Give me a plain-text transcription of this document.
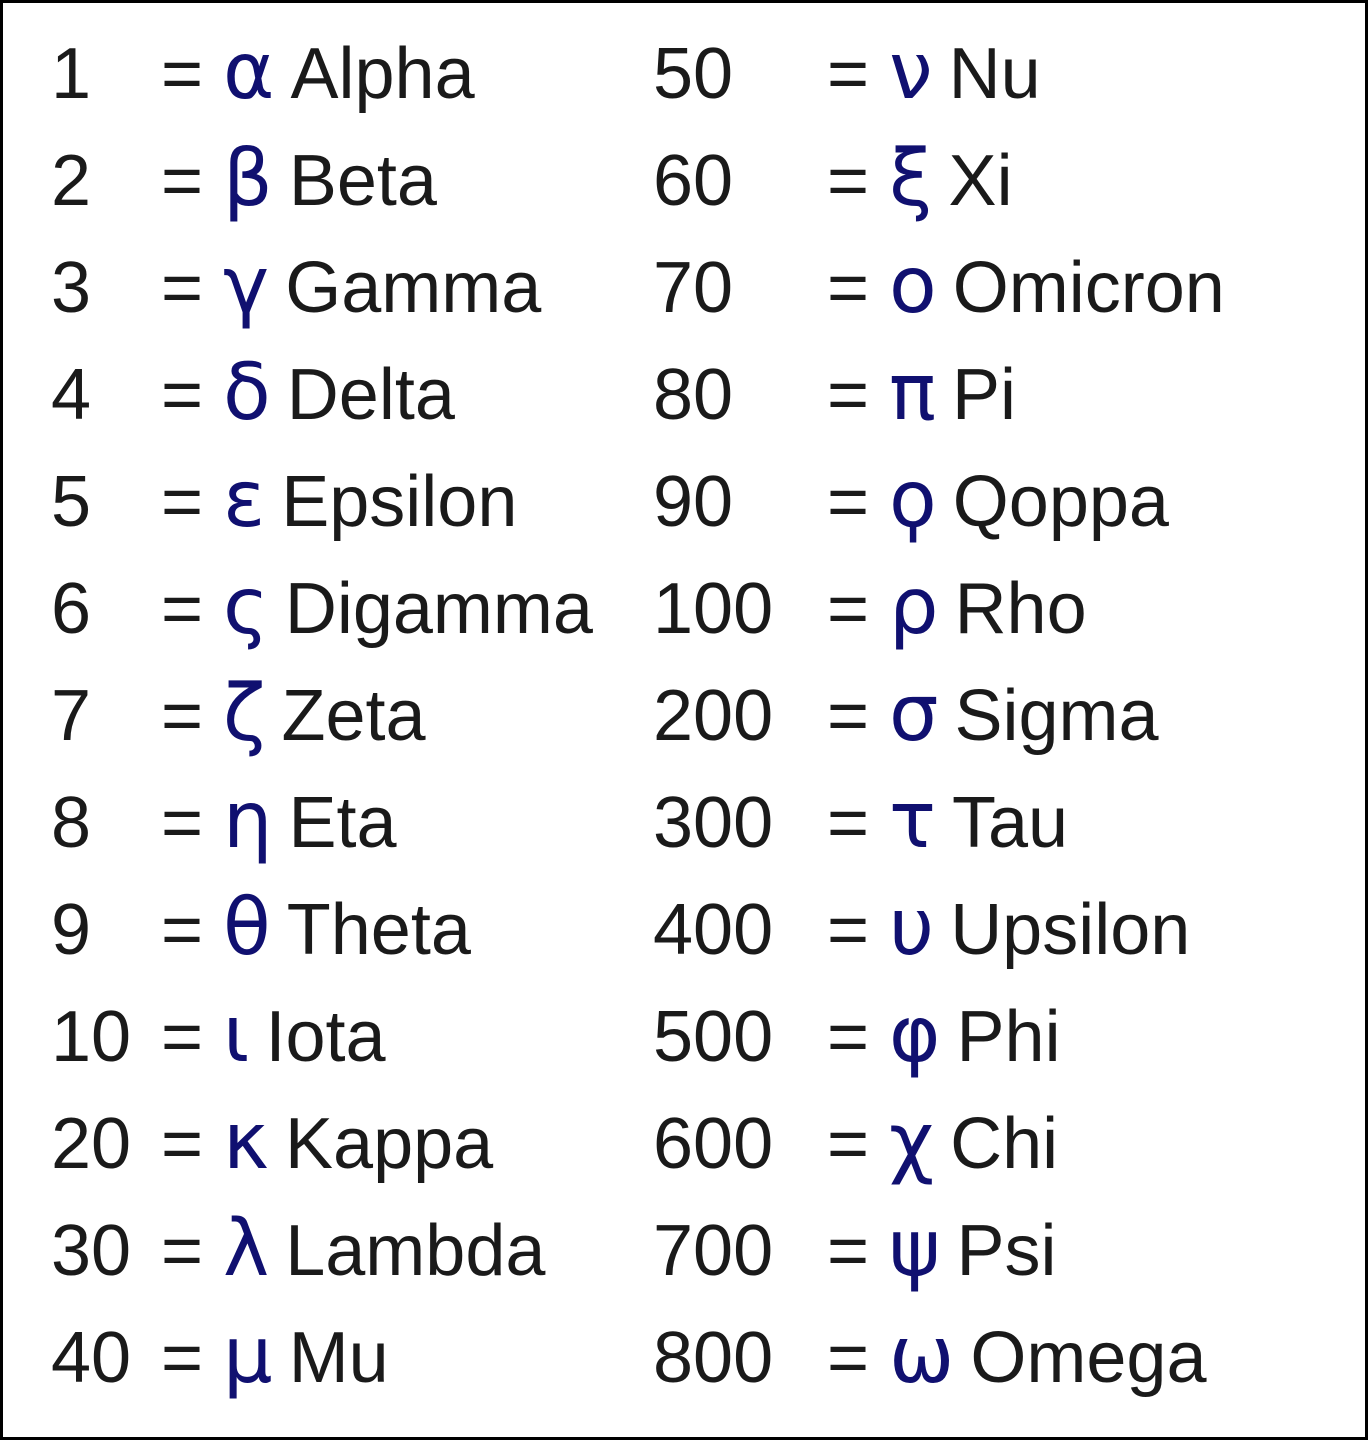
1 = α Alpha
2 = β Beta
3 = γ Gamma
4 = δ Delta
5 = ε Epsilon
6 = ς Digamma
7 = ζ Zeta
8 = η Eta
9 = θ Theta
10 = ι Iota
20 = κ Kappa
30 = λ Lambda
40 = μ Mu
50	= ν Nu
60	= ξ Xi
70	= ο Omicron
80	= π Pi
90	= ϙ Qoppa
100 = ρ Rho
200 = σ Sigma
300 = τ Tau
400 = υ Upsilon
500 = φ Phi
600 = χ Chi
700 = ψ Psi
800 = ω Omega
